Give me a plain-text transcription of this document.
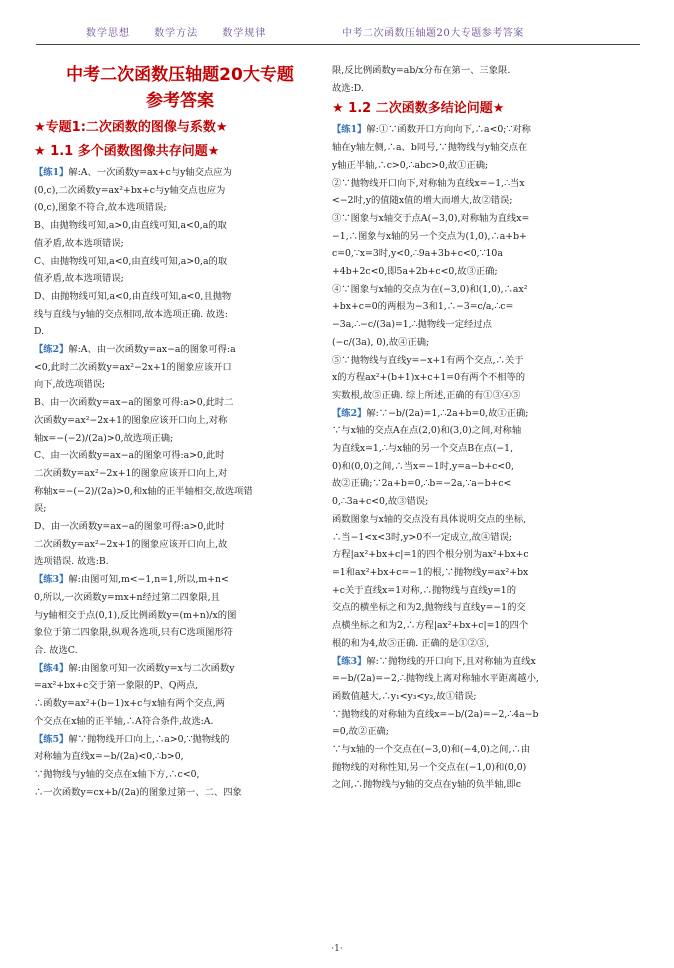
数学思想 数学方法 数学规律	中考二次函数压轴题20大专题参考答案
中考二次函数压轴题20大专题
参考答案
★专题1:二次函数的图像与系数★
★ 1.1 多个函数图像共存问题★
【练1】解:A、一次函数y=ax+c与y轴交点应为
(0,c),二次函数y=ax²+bx+c与y轴交点也应为
(0,c),图象不符合,故本选项错误;
B、由抛物线可知,a>0,由直线可知,a<0,a的取
值矛盾,故本选项错误;
C、由抛物线可知,a<0,由直线可知,a>0,a的取
值矛盾,故本选项错误;
D、由抛物线可知,a<0,由直线可知,a<0,且抛物
线与直线与y轴的交点相同,故本选项正确. 故选:
D.
【练2】解:A、由一次函数y=ax−a的图象可得:a
<0,此时二次函数y=ax²−2x+1的图象应该开口
向下,故选项错误;
B、由一次函数y=ax−a的图象可得:a>0,此时二
次函数y=ax²−2x+1的图象应该开口向上,对称
轴x=−(−2)/(2a)>0,故选项正确;
C、由一次函数y=ax−a的图象可得:a>0,此时
二次函数y=ax²−2x+1的图象应该开口向上,对
称轴x=−(−2)/(2a)>0,和x轴的正半轴相交,故选项错
误;
D、由一次函数y=ax−a的图象可得:a>0,此时
二次函数y=ax²−2x+1的图象应该开口向上,故
选项错误. 故选:B.
【练3】解:由图可知,m<−1,n=1,所以,m+n<
0,所以,一次函数y=mx+n经过第二四象限,且
与y轴相交于点(0,1),反比例函数y=(m+n)/x的图
象位于第二四象限,纵观各选项,只有C选项图形符
合. 故选C.
【练4】解:由图象可知一次函数y=x与二次函数y
=ax²+bx+c交于第一象限的P、Q两点,
∴函数y=ax²+(b−1)x+c与x轴有两个交点,两
个交点在x轴的正半轴,∴A符合条件,故选:A.
【练5】解∵抛物线开口向上,∴a>0,∵抛物线的
对称轴为直线x=−b/(2a)<0,∴b>0,
∵抛物线与y轴的交点在x轴下方,∴c<0,
∴一次函数y=cx+b/(2a)的图象过第一、二、四象
限,反比例函数y=ab/x分布在第一、三象限.
故选:D.
★ 1.2 二次函数多结论问题★
【练1】解:①∵函数开口方向向下,∴a<0;∵对称
轴在y轴左侧,∴a、b同号,∵抛物线与y轴交点在
y轴正半轴,∴c>0,∴abc>0,故①正确;
②∵抛物线开口向下,对称轴为直线x=−1,∴当x
<−2时,y的值随x值的增大而增大,故②错误;
③∵图象与x轴交于点A(−3,0),对称轴为直线x=
−1,∴图象与x轴的另一个交点为(1,0),∴a+b+
c=0,∵x=3时,y<0,∴9a+3b+c<0,∵10a
+4b+2c<0,即5a+2b+c<0,故③正确;
④∵图象与x轴的交点为在(−3,0)和(1,0),∴ax²
+bx+c=0的两根为−3和1,∴−3=c/a,∴c=
−3a,∴−c/(3a)=1,∴抛物线一定经过点
(−c/(3a), 0),故④正确;
⑤∵抛物线与直线y=−x+1有两个交点,∴关于
x的方程ax²+(b+1)x+c+1=0有两个不相等的
实数根,故⑤正确. 综上所述,正确的有①③④⑤
【练2】解:∵−b/(2a)=1,∴2a+b=0,故①正确;
∵与x轴的交点A在点(2,0)和(3,0)之间,对称轴
为直线x=1,∴与x轴的另一个交点B在点(−1,
0)和(0,0)之间,∴当x=−1时,y=a−b+c<0,
故②正确;∵2a+b=0,∴b=−2a,∵a−b+c<
0,∴3a+c<0,故③错误;
函数图象与x轴的交点没有具体说明交点的坐标,
∴当−1<x<3时,y>0不一定成立,故④错误;
方程|ax²+bx+c|=1的四个根分别为ax²+bx+c
=1和ax²+bx+c=−1的根,∵抛物线y=ax²+bx
+c关于直线x=1对称,∴抛物线与直线y=1的
交点的横坐标之和为2,抛物线与直线y=−1的交
点横坐标之和为2,∴方程|ax²+bx+c|=1的四个
根的和为4,故⑤正确. 正确的是①②⑤,
【练3】解:∵抛物线的开口向下,且对称轴为直线x
=−b/(2a)=−2,∴抛物线上离对称轴水平距离越小,
函数值越大,∴y₁<y₃<y₂,故①错误;
∵抛物线的对称轴为直线x=−b/(2a)=−2,∴4a−b
=0,故②正确;
∵与x轴的一个交点在(−3,0)和(−4,0)之间,∴由
抛物线的对称性知,另一个交点在(−1,0)和(0,0)
之间,∴抛物线与y轴的交点在y轴的负半轴,即c
·1·
